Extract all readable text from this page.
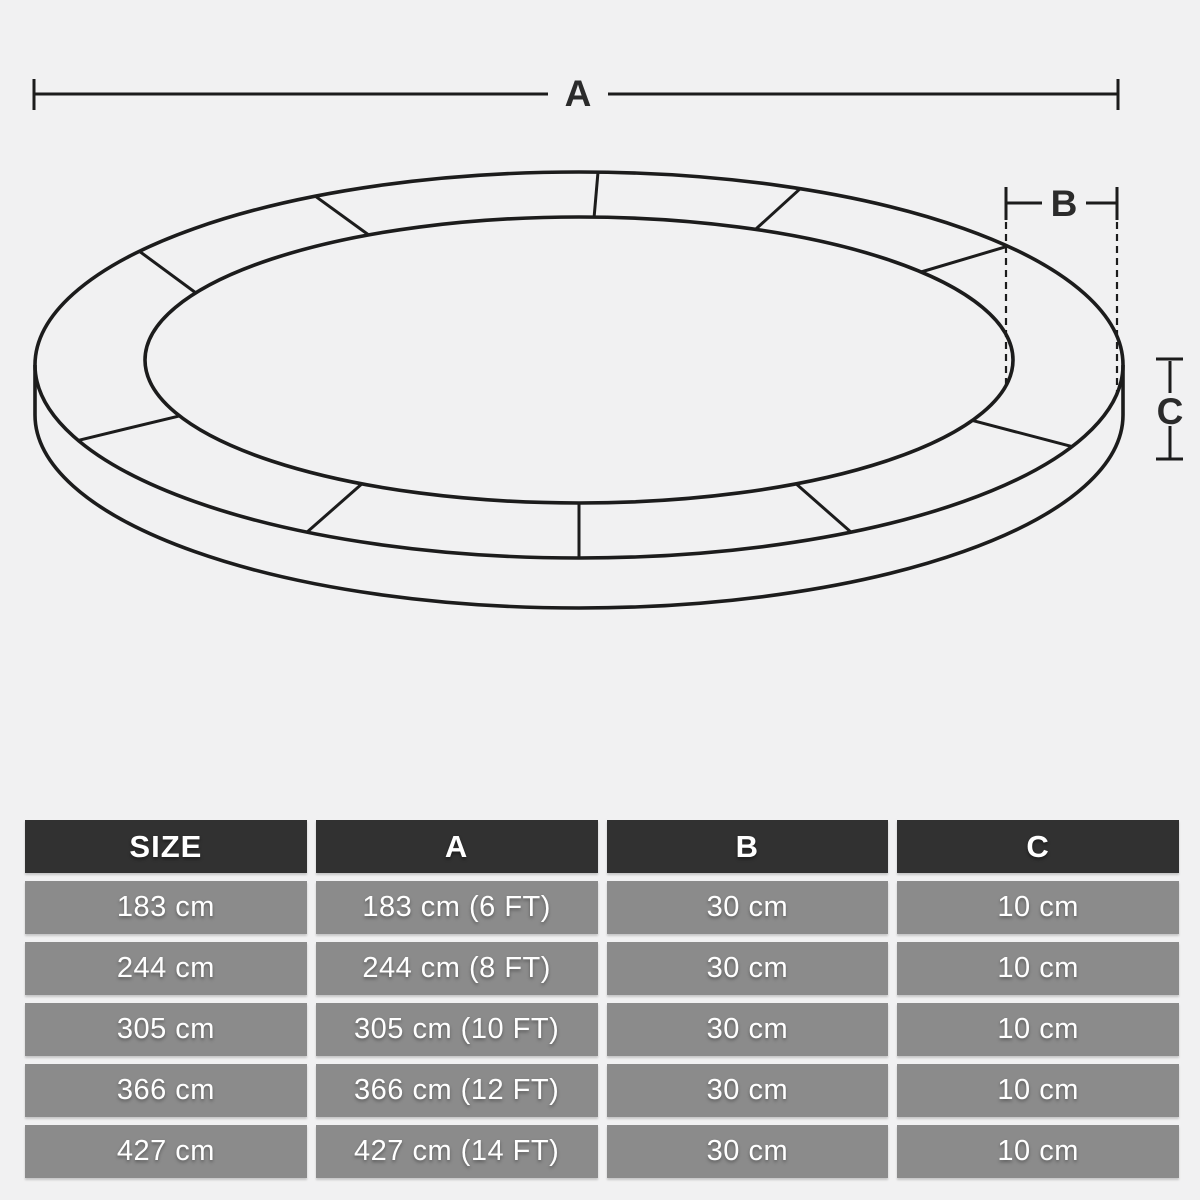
A
B
C
SIZE	A	B	C
183 cm	183 cm (6 FT)	30 cm	10 cm
244 cm	244 cm (8 FT)	30 cm	10 cm
305 cm	305 cm (10 FT)	30 cm	10 cm
366 cm	366 cm (12 FT)	30 cm	10 cm
427 cm	427 cm (14 FT)	30 cm	10 cm
